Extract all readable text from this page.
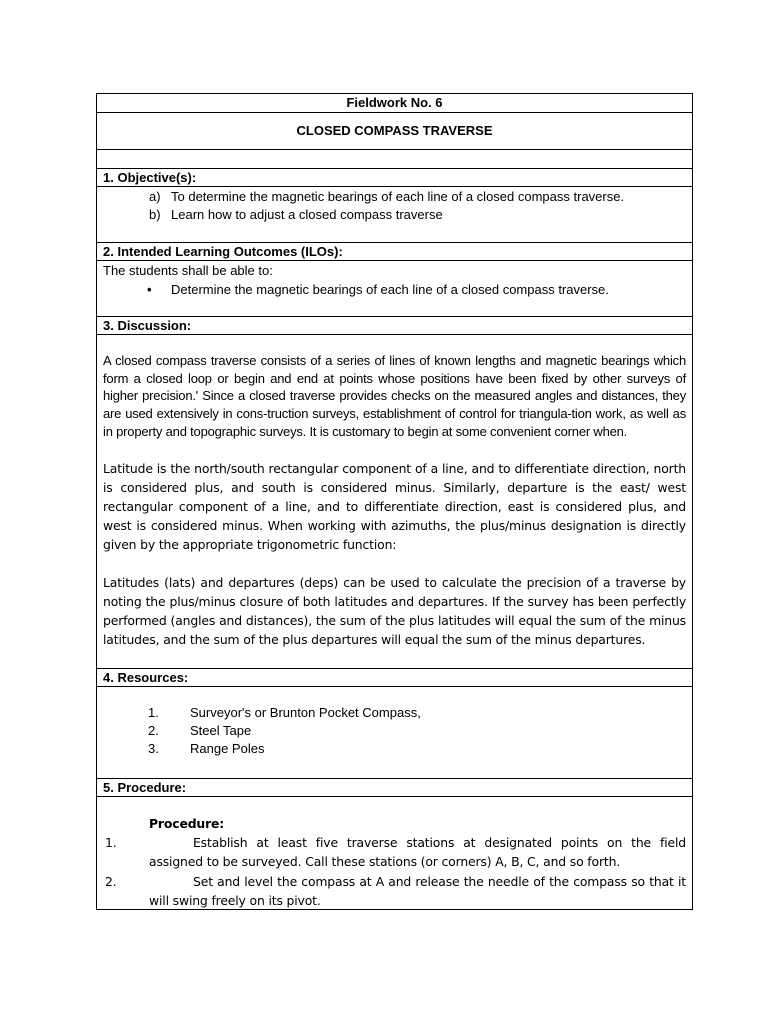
Fieldwork No. 6
CLOSED COMPASS TRAVERSE
1. Objective(s):
a) To determine the magnetic bearings of each line of a closed compass traverse.
b) Learn how to adjust a closed compass traverse
2. Intended Learning Outcomes (ILOs):
The students shall be able to:
• Determine the magnetic bearings of each line of a closed compass traverse.
3. Discussion:

A closed compass traverse consists of a series of lines of known lengths and magnetic bearings which form a closed loop or begin and end at points whose positions have been fixed by other surveys of higher precision.' Since a closed traverse provides checks on the measured angles and distances, they are used extensively in cons-truction surveys, establishment of control for triangula-tion work, as well as in property and topographic surveys. It is customary to begin at some convenient corner when.

Latitude is the north/south rectangular component of a line, and to differentiate direction, north is considered plus, and south is considered minus. Similarly, departure is the east/ west rectangular component of a line, and to differentiate direction, east is considered plus, and west is considered minus. When working with azimuths, the plus/minus designation is directly given by the appropriate trigonometric function:

Latitudes (lats) and departures (deps) can be used to calculate the precision of a traverse by noting the plus/minus closure of both latitudes and departures. If the survey has been perfectly performed (angles and distances), the sum of the plus latitudes will equal the sum of the minus latitudes, and the sum of the plus departures will equal the sum of the minus departures.

4. Resources:
1. Surveyor's or Brunton Pocket Compass,
2. Steel Tape
3. Range Poles
5. Procedure:
Procedure:
1.	Establish at least five traverse stations at designated points on the field assigned to be surveyed. Call these stations (or corners) A, B, C, and so forth.
2.	Set and level the compass at A and release the needle of the compass so that it will swing freely on its pivot.
